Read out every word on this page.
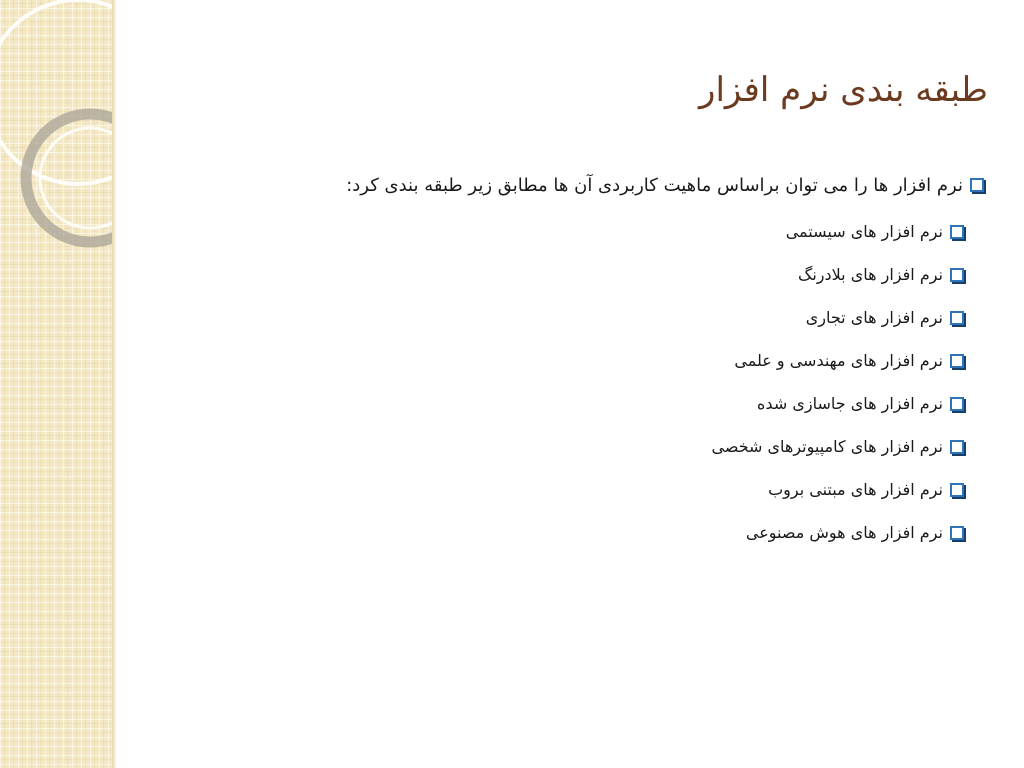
طبقه بندی نرم افزار
نرم افزار ها را می توان براساس ماهیت کاربردی آن ها مطابق زیر طبقه بندی کرد:
نرم افزار های سیستمی
نرم افزار های بلادرنگ
نرم افزار های تجاری
نرم افزار های مهندسی و علمی
نرم افزار های جاسازی شده
نرم افزار های کامپیوترهای شخصی
نرم افزار های مبتنی بروب
نرم افزار های هوش مصنوعی
